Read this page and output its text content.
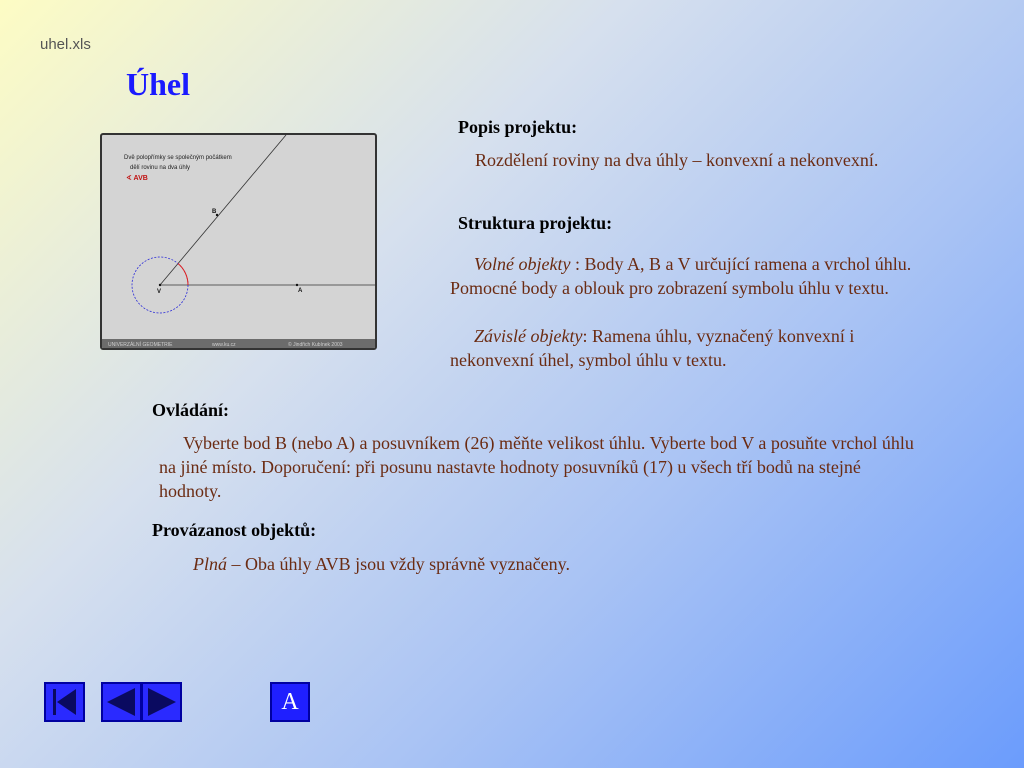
uhel.xls
Úhel
Dvě polopřímky se společným počátkem
dělí rovinu na dva úhly
∢ AVB
B
V	A
UNIVERZÁLNÍ GEOMETRIE	www.ku.cz	© Jindřich Kubínek 2003
Popis projektu:
Rozdělení roviny na dva úhly – konvexní a nekonvexní.
Struktura projektu:
Volné objekty : Body A, B a V určující ramena a vrchol úhlu. Pomocné body a oblouk pro zobrazení symbolu úhlu v textu.
Závislé objekty: Ramena úhlu, vyznačený konvexní i nekonvexní úhel, symbol úhlu v textu.
Ovládání:
Vyberte bod B (nebo A) a posuvníkem (26) měňte velikost úhlu. Vyberte bod V a posuňte vrchol úhlu na jiné místo. Doporučení: při posunu nastavte hodnoty posuvníků (17) u všech tří bodů na stejné hodnoty.
Provázanost objektů:
Plná – Oba úhly AVB jsou vždy správně vyznačeny.
A
